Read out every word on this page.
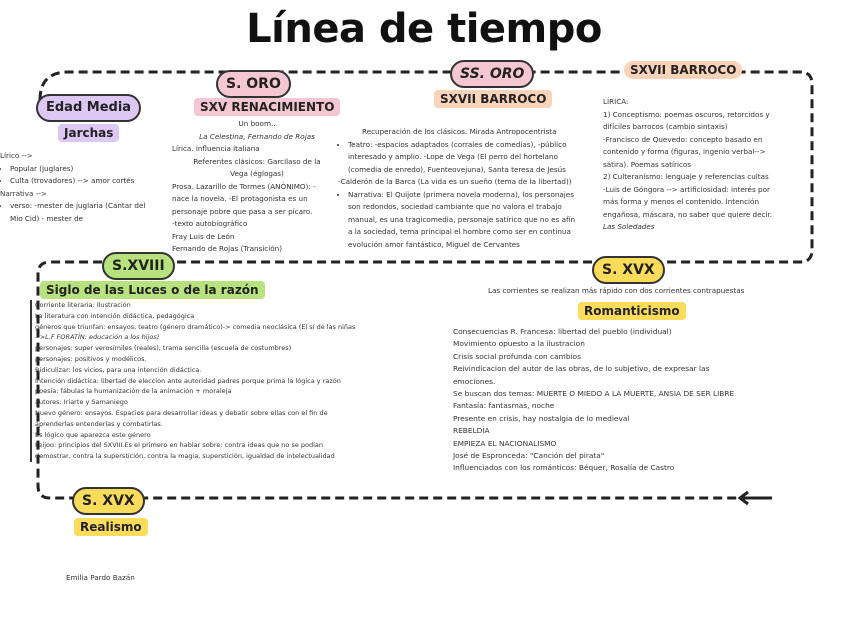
Línea de tiempo
Edad Media
S. ORO
SS. ORO	SXVII BARROCO
S.XVIII	S. XVX
S. XVX
Jarchas
SXV RENACIMIENTO
SXVII BARROCO
Siglo de las Luces o de la razón
Romanticismo
Realismo

Lírico -->

• Popular (juglares)
• Culta (trovadores) --> amor cortés

Narrativa -->

• verso: -mester de juglaria (Cantar del

Mio Cid) - mester de

Un boom..

La Celestina, Fernando de Rojas

Lírica. influencia italiana

Referentes clásicos: Garcilaso de la

Vega (églogas)

Prosa. Lazarillo de Tormes (ANÓNIMO): -

nace la novela. -El protagonista es un

personaje pobre que pasa a ser pícaro.

-texto autobiográfico

Fray Luis de León

Fernando de Rojas (Transición)

Recuperación de los clásicos. Mirada Antropocentrista

• Teatro: -espacios adaptados (corrales de comedias), -público

interesado y amplio. -Lope de Vega (El perro del hortelano

(comedia de enredo), Fuenteovejuna), Santa teresa de Jesús

-Calderón de la Barca (La vida es un sueño (tema de la libertad))

• Narrativa: El Quijote (primera novela moderna), los personajes

son redondos, sociedad cambiante que no valora el trabajo

manual, es una tragicomedia, personaje satírico que no es afín

a la sociedad, tema principal el hombre como ser en continua

evolución amor fantástico, Miguel de Cervantes

LÍRICA:

1) Conceptismo: poemas oscuros, retorcidos y

difíciles barrocos (cambio sintaxis)

-Francisco de Quevedo: concepto basado en

contenido y forma (figuras, ingenio verbal-->

sátira). Poemas satíricos

2) Culteranismo: lenguaje y referencias cultas

-Luis de Góngora --> artificiosidad: interés por

más forma y menos el contenido. Intención

engañosa, máscara, no saber que quiere decir.

Las Soledades

Corriente literaria: Ilustración

La literatura con intención didáctica, pedagógica

géneros que triunfan: ensayos, teatro (género dramático)-> comedia neoclásica (El sí de las niñas

-->L.F FORATÍN: educación a los hijos)

personajes: super verosímiles (reales), trama sencilla (escuela de costumbres)

personajes: positivos y modélicos.

Ridiculizar: los vicios, para una intención didáctica.

Intención didáctica: libertad de eleccion ante autoridad padres porque prima la lógica y razón

poesía: fábulas la humanización de la animación + moraleja

autores: Iriarte y Samaniego

Nuevo género: ensayos. Espacios para desarrollar ideas y debatir sobre ellas con el fin de

aprenderlas entenderlas y combatirlas.

Es lógico que aparezca este género

Feijoo: principios del SXVIII.Es el primero en hablar sobre: contra ideas que no se podían

demostrar, contra la superstición, contra la magia, superstición, igualdad de intelectualidad

Las corrientes se realizan más rápido con dos corrientes contrapuestas

Consecuencias R. Francesa: libertad del pueblo (individual)

Movimiento opuesto a la ilustracion

Crisis social profunda con cambios

Reivindicacion del autor de las obras, de lo subjetivo, de expresar las

emociones.

Se buscan dos temas: MUERTE O MIEDO A LA MUERTE, ANSIA DE SER LIBRE

Fantasía: fantasmas, noche

Presente en crisis, hay nostalgia de lo medieval

REBELDÍA

EMPIEZA EL NACIONALISMO

José de Espronceda: "Canción del pirata"

Influenciados con los románticos: Béquer, Rosalía de Castro

Emilia Pardo Bazán
